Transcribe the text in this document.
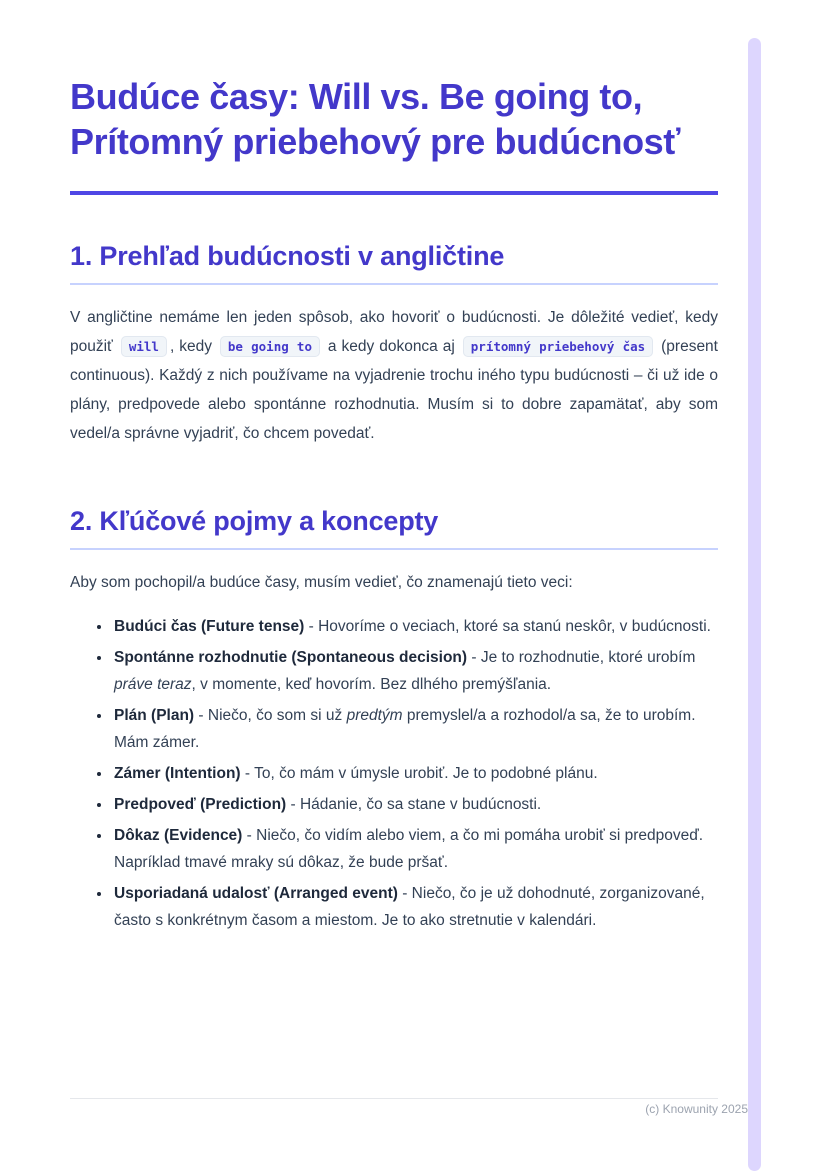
Budúce časy: Will vs. Be going to, Prítomný priebehový pre budúcnosť
1. Prehľad budúcnosti v angličtine

V angličtine nemáme len jeden spôsob, ako hovoriť o budúcnosti. Je dôležité vedieť, kedy použiť will , kedy be going to a kedy dokonca aj prítomný priebehový čas (present continuous). Každý z nich používame na vyjadrenie trochu iného typu budúcnosti – či už ide o plány, predpovede alebo spontánne rozhodnutia. Musím si to dobre zapamätať, aby som vedel/a správne vyjadriť, čo chcem povedať.

2. Kľúčové pojmy a koncepty

Aby som pochopil/a budúce časy, musím vedieť, čo znamenajú tieto veci:

• Budúci čas (Future tense) - Hovoríme o veciach, ktoré sa stanú neskôr, v budúcnosti.
• Spontánne rozhodnutie (Spontaneous decision) - Je to rozhodnutie, ktoré urobím práve teraz, v momente, keď hovorím. Bez dlhého premýšľania.
• Plán (Plan) - Niečo, čo som si už predtým premyslel/a a rozhodol/a sa, že to urobím. Mám zámer.
• Zámer (Intention) - To, čo mám v úmysle urobiť. Je to podobné plánu.
• Predpoveď (Prediction) - Hádanie, čo sa stane v budúcnosti.
• Dôkaz (Evidence) - Niečo, čo vidím alebo viem, a čo mi pomáha urobiť si predpoveď. Napríklad tmavé mraky sú dôkaz, že bude pršať.
• Usporiadaná udalosť (Arranged event) - Niečo, čo je už dohodnuté, zorganizované, často s konkrétnym časom a miestom. Je to ako stretnutie v kalendári.
(c) Knowunity 2025
